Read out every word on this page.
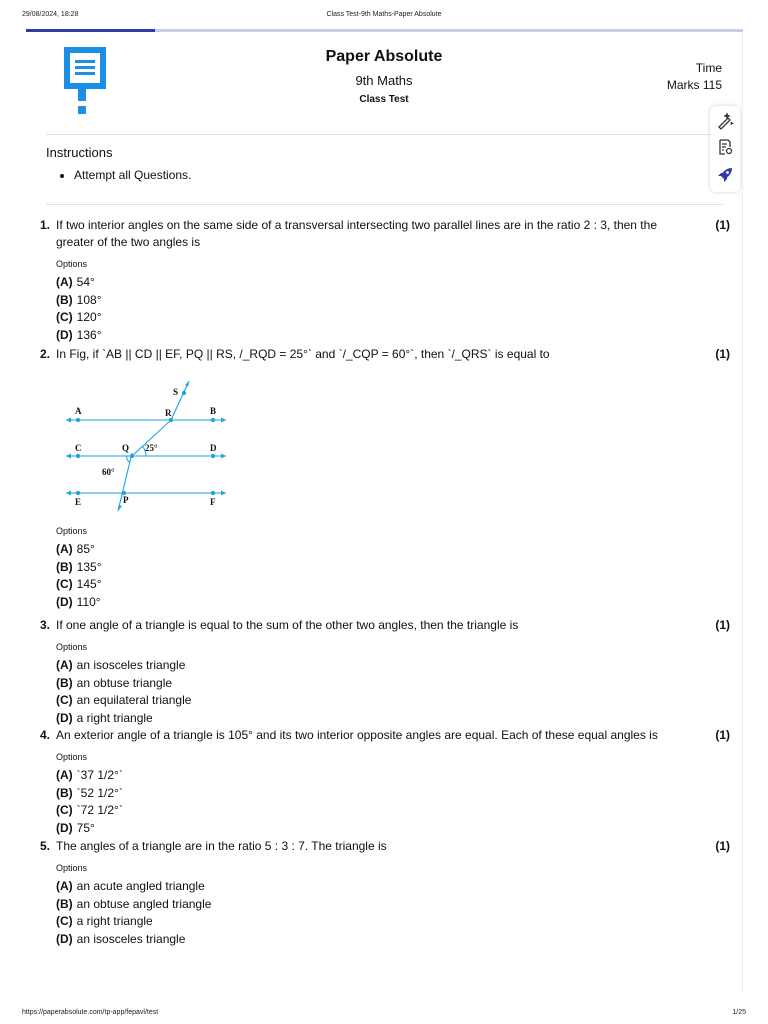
29/08/2024, 18:28	Class Test-9th Maths-Paper Absolute
Paper Absolute
9th Maths
Class Test
Time
Marks 115
Instructions
• Attempt all Questions.
1. If two interior angles on the same side of a transversal intersecting two parallel lines are in the ratio 2 : 3, then the greater of the two angles is
(1)
Options
(A) 54°
(B) 108°
(C) 120°
(D) 136°
2. In Fig, if `AB || CD || EF, PQ || RS, /_RQD = 25°` and `/_CQP = 60°`, then `/_QRS` is equal to	(1)
A	B
R
S
C	Q 25°	D
60°
E	P	F
Options
(A) 85°
(B) 135°
(C) 145°
(D) 110°
3. If one angle of a triangle is equal to the sum of the other two angles, then the triangle is	(1)
Options
(A) an isosceles triangle
(B) an obtuse triangle
(C) an equilateral triangle
(D) a right triangle
4. An exterior angle of a triangle is 105° and its two interior opposite angles are equal. Each of these equal angles is	(1)
Options
(A) `37 1/2°`
(B) `52 1/2°`
(C) `72 1/2°`
(D) 75°
5. The angles of a triangle are in the ratio 5 : 3 : 7. The triangle is	(1)
Options
(A) an acute angled triangle
(B) an obtuse angled triangle
(C) a right triangle
(D) an isosceles triangle
https://paperabsolute.com/tp-app/fepavl/test	1/25
